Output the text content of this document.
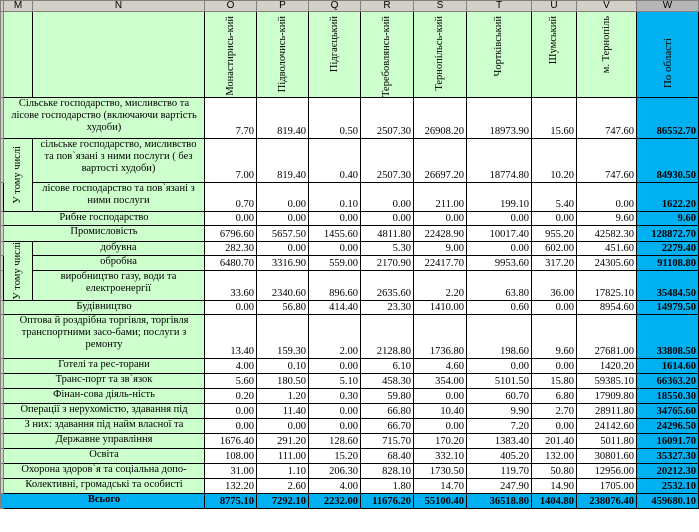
	M	N	O	P	Q	R	S	T	U	V	W

			Монастирись-кий	Підволочись-кий	Підгаєцький	Теребовлянсь-кий	Тернопільсь-кий	Чортківський	Шумський	м. Тернопіль	По області

	Сільське господарство, мисливство та лісове господарство (включаючи вартість худоби)		7.70	819.40	0.50	2507.30	26908.20	18973.90	15.60	747.60	86552.70

	У тому числі	сільське господарство, мисливство та пов`язані з ними послуги ( без вартості худоби)	7.00	819.40	0.40	2507.30	26697.20	18774.80	10.20	747.60	84930.50
		лісове господарство та пов`язані з ними послуги	0.70	0.00	0.10	0.00	211.00	199.10	5.40	0.00	1622.20
	Рибне господарство		0.00	0.00	0.00	0.00	0.00	0.00	0.00	9.60	9.60
	Промисловість		6796.60	5657.50	1455.60	4811.80	22428.90	10017.40	955.20	42582.30	128872.70

	У тому числі	добувна	282.30	0.00	0.00	5.30	9.00	0.00	602.00	451.60	2279.40
		обробна	6480.70	3316.90	559.00	2170.90	22417.70	9953.60	317.20	24305.60	91108.80
		виробництво газу, води та електроенергії	33.60	2340.60	896.60	2635.60	2.20	63.80	36.00	17825.10	35484.50
	Будівництво		0.00	56.80	414.40	23.30	1410.00	0.60	0.00	8954.60	14979.50
	Оптова й роздрібна торгівля, торгівля транспортними засо-бами; послуги з ремонту		13.40	159.30	2.00	2128.80	1736.80	198.60	9.60	27681.00	33808.50
	Готелі та рес-торани		4.00	0.10	0.00	6.10	4.60	0.00	0.00	1420.20	1614.60
	Транс-порт та зв`язок		5.60	180.50	5.10	458.30	354.00	5101.50	15.80	59385.10	66363.20
	Фінан-сова діяль-ність		0.20	1.20	0.30	59.80	0.00	60.70	6.80	17909.80	18550.30
	Операції з нерухомістю, здавання під		0.00	11.40	0.00	66.80	10.40	9.90	2.70	28911.80	34765.60
	З них: здавання під найм власної та		0.00	0.00	0.00	66.70	0.00	7.20	0.00	24142.60	24296.50
	Державне управління		1676.40	291.20	128.60	715.70	170.20	1383.40	201.40	5011.80	16091.70
	Освіта		108.00	111.00	15.20	68.40	332.10	405.20	132.00	30801.60	35327.30
	Охорона здоров`я та соціальна допо-		31.00	1.10	206.30	828.10	1730.50	119.70	50.80	12956.00	20212.30
	Колективні, громадські та особисті		132.20	2.60	4.00	1.80	14.70	247.90	14.90	1705.00	2532.10
	Всього		8775.10	7292.10	2232.00	11676.20	55100.40	36518.80	1404.80	238076.40	459680.10
